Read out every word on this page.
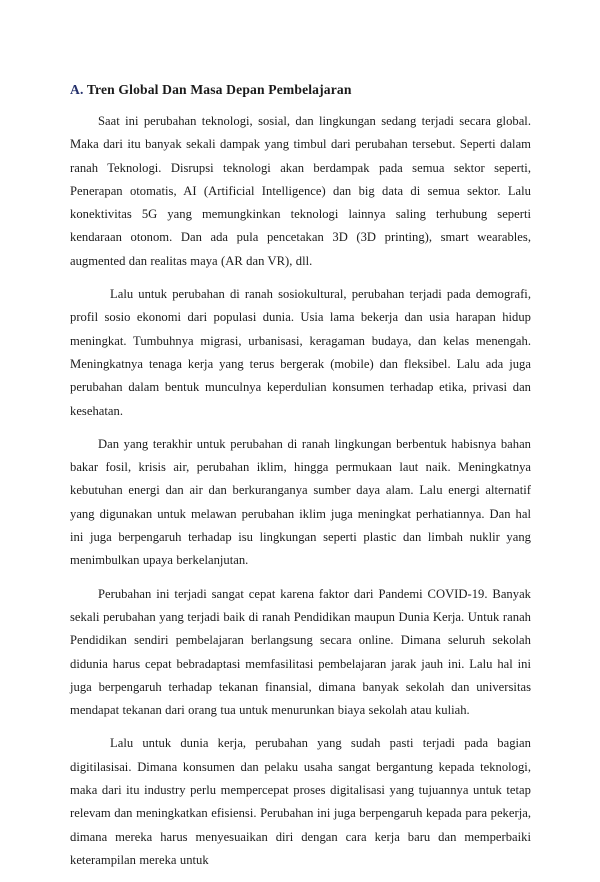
A. Tren Global Dan Masa Depan Pembelajaran

Saat ini perubahan teknologi, sosial, dan lingkungan sedang terjadi secara global. Maka dari itu banyak sekali dampak yang timbul dari perubahan tersebut. Seperti dalam ranah Teknologi. Disrupsi teknologi akan berdampak pada semua sektor seperti, Penerapan otomatis, AI (Artificial Intelligence) dan big data di semua sektor. Lalu konektivitas 5G yang memungkinkan teknologi lainnya saling terhubung seperti kendaraan otonom. Dan ada pula pencetakan 3D (3D printing), smart wearables, augmented dan realitas maya (AR dan VR), dll.

Lalu untuk perubahan di ranah sosiokultural, perubahan terjadi pada demografi, profil sosio ekonomi dari populasi dunia. Usia lama bekerja dan usia harapan hidup meningkat. Tumbuhnya migrasi, urbanisasi, keragaman budaya, dan kelas menengah. Meningkatnya tenaga kerja yang terus bergerak (mobile) dan fleksibel. Lalu ada juga perubahan dalam bentuk munculnya keperdulian konsumen terhadap etika, privasi dan kesehatan.

Dan yang terakhir untuk perubahan di ranah lingkungan berbentuk habisnya bahan bakar fosil, krisis air, perubahan iklim, hingga permukaan laut naik. Meningkatnya kebutuhan energi dan air dan berkuranganya sumber daya alam. Lalu energi alternatif yang digunakan untuk melawan perubahan iklim juga meningkat perhatiannya. Dan hal ini juga berpengaruh terhadap isu lingkungan seperti plastic dan limbah nuklir yang menimbulkan upaya berkelanjutan.

Perubahan ini terjadi sangat cepat karena faktor dari Pandemi COVID-19. Banyak sekali perubahan yang terjadi baik di ranah Pendidikan maupun Dunia Kerja. Untuk ranah Pendidikan sendiri pembelajaran berlangsung secara online. Dimana seluruh sekolah didunia harus cepat bebradaptasi memfasilitasi pembelajaran jarak jauh ini. Lalu hal ini juga berpengaruh terhadap tekanan finansial, dimana banyak sekolah dan universitas mendapat tekanan dari orang tua untuk menurunkan biaya sekolah atau kuliah.

Lalu untuk dunia kerja, perubahan yang sudah pasti terjadi pada bagian digitilasisai. Dimana konsumen dan pelaku usaha sangat bergantung kepada teknologi, maka dari itu industry perlu mempercepat proses digitalisasi yang tujuannya untuk tetap relevam dan meningkatkan efisiensi. Perubahan ini juga berpengaruh kepada para pekerja, dimana mereka harus menyesuaikan diri dengan cara kerja baru dan memperbaiki keterampilan mereka untuk
